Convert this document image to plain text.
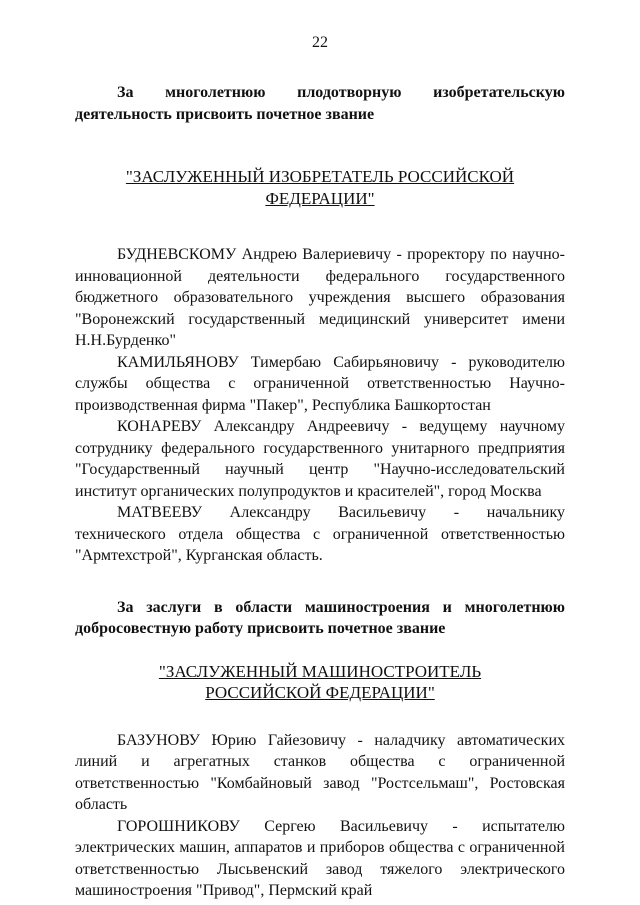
22

За многолетнюю плодотворную изобретательскую деятельность присвоить почетное звание

"ЗАСЛУЖЕННЫЙ ИЗОБРЕТАТЕЛЬ РОССИЙСКОЙ ФЕДЕРАЦИИ"

БУДНЕВСКОМУ Андрею Валериевичу - проректору по научно-инновационной деятельности федерального государственного бюджетного образовательного учреждения высшего образования "Воронежский государственный медицинский университет имени Н.Н.Бурденко"

КАМИЛЬЯНОВУ Тимербаю Сабирьяновичу - руководителю службы общества с ограниченной ответственностью Научно-производственная фирма "Пакер", Республика Башкортостан

КОНАРЕВУ Александру Андреевичу - ведущему научному сотруднику федерального государственного унитарного предприятия "Государственный научный центр "Научно-исследовательский институт органических полупродуктов и красителей", город Москва

МАТВЕЕВУ Александру Васильевичу - начальнику технического отдела общества с ограниченной ответственностью "Армтехстрой", Курганская область.

За заслуги в области машиностроения и многолетнюю добросовестную работу присвоить почетное звание

"ЗАСЛУЖЕННЫЙ МАШИНОСТРОИТЕЛЬ

РОССИЙСКОЙ ФЕДЕРАЦИИ"

БАЗУНОВУ Юрию Гайезовичу - наладчику автоматических линий и агрегатных станков общества с ограниченной ответственностью "Комбайновый завод "Ростсельмаш", Ростовская область

ГОРОШНИКОВУ Сергею Васильевичу - испытателю электрических машин, аппаратов и приборов общества с ограниченной ответственностью Лысьвенский завод тяжелого электрического машиностроения "Привод", Пермский край
